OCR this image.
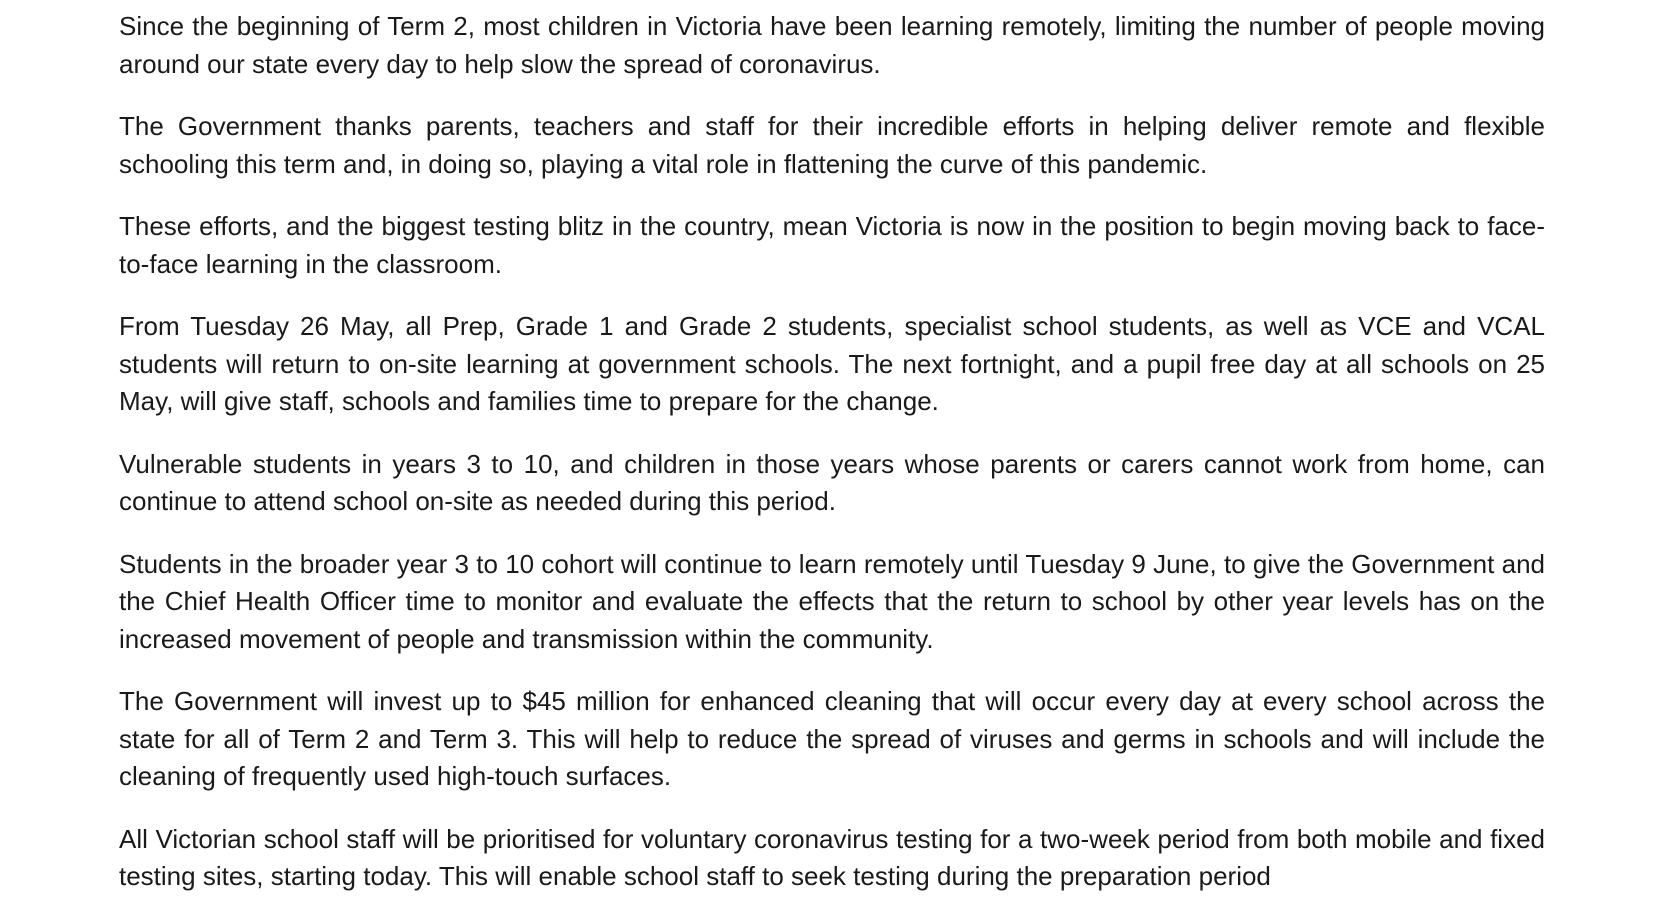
Since the beginning of Term 2, most children in Victoria have been learning remotely, limiting the number of people moving around our state every day to help slow the spread of coronavirus.

The Government thanks parents, teachers and staff for their incredible efforts in helping deliver remote and flexible schooling this term and, in doing so, playing a vital role in flattening the curve of this pandemic.

These efforts, and the biggest testing blitz in the country, mean Victoria is now in the position to begin moving back to face-to-face learning in the classroom.

From Tuesday 26 May, all Prep, Grade 1 and Grade 2 students, specialist school students, as well as VCE and VCAL students will return to on-site learning at government schools. The next fortnight, and a pupil free day at all schools on 25 May, will give staff, schools and families time to prepare for the change.

Vulnerable students in years 3 to 10, and children in those years whose parents or carers cannot work from home, can continue to attend school on-site as needed during this period.

Students in the broader year 3 to 10 cohort will continue to learn remotely until Tuesday 9 June, to give the Government and the Chief Health Officer time to monitor and evaluate the effects that the return to school by other year levels has on the increased movement of people and transmission within the community.

The Government will invest up to $45 million for enhanced cleaning that will occur every day at every school across the state for all of Term 2 and Term 3. This will help to reduce the spread of viruses and germs in schools and will include the cleaning of frequently used high-touch surfaces.

All Victorian school staff will be prioritised for voluntary coronavirus testing for a two-week period from both mobile and fixed testing sites, starting today. This will enable school staff to seek testing during the preparation period
